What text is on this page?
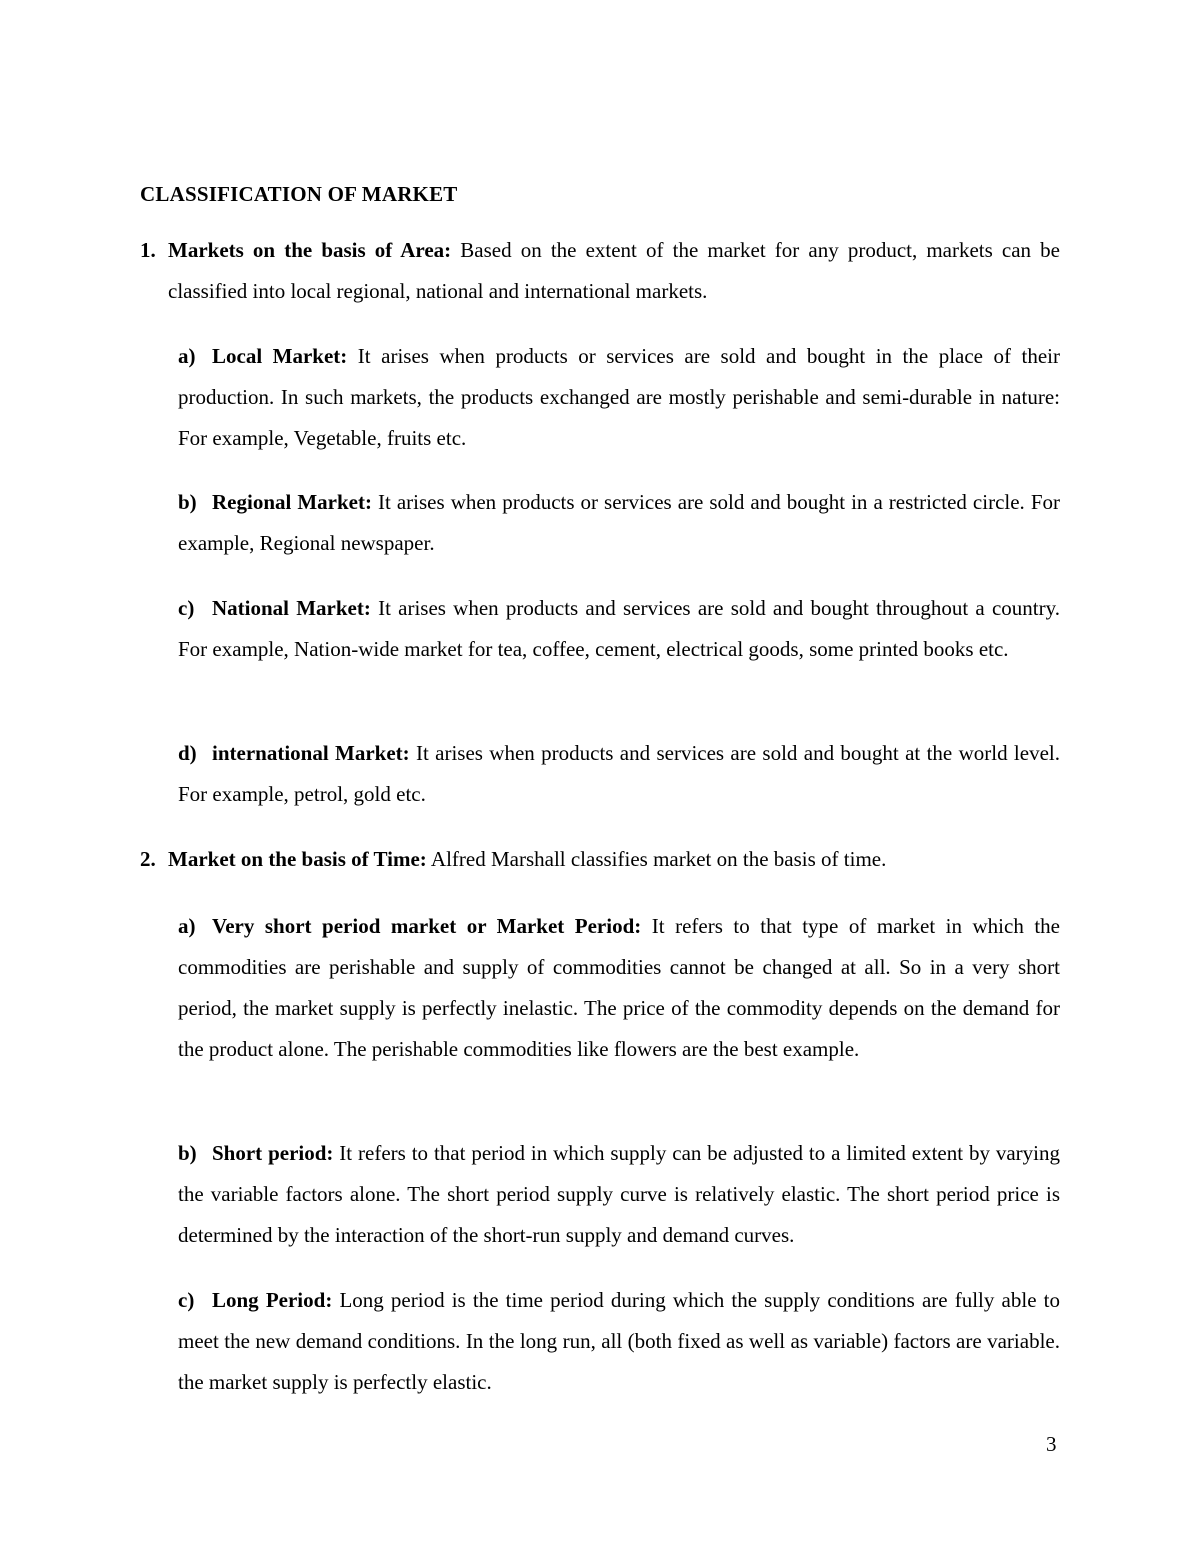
CLASSIFICATION OF MARKET
1. Markets on the basis of Area: Based on the extent of the market for any product, markets can be classified into local regional, national and international markets.

a) Local Market: It arises when products or services are sold and bought in the place of their production. In such markets, the products exchanged are mostly perishable and semi-durable in nature: For example, Vegetable, fruits etc.

b) Regional Market: It arises when products or services are sold and bought in a restricted circle. For example, Regional newspaper.

c) National Market: It arises when products and services are sold and bought throughout a country. For example, Nation-wide market for tea, coffee, cement, electrical goods, some printed books etc.

d) international Market: It arises when products and services are sold and bought at the world level. For example, petrol, gold etc.

2. Market on the basis of Time: Alfred Marshall classifies market on the basis of time.

a) Very short period market or Market Period: It refers to that type of market in which the commodities are perishable and supply of commodities cannot be changed at all. So in a very short period, the market supply is perfectly inelastic. The price of the commodity depends on the demand for the product alone. The perishable commodities like flowers are the best example.

b) Short period: It refers to that period in which supply can be adjusted to a limited extent by varying the variable factors alone. The short period supply curve is relatively elastic. The short period price is determined by the interaction of the short-run supply and demand curves.

c) Long Period: Long period is the time period during which the supply conditions are fully able to meet the new demand conditions. In the long run, all (both fixed as well as variable) factors are variable. the market supply is perfectly elastic.

3
